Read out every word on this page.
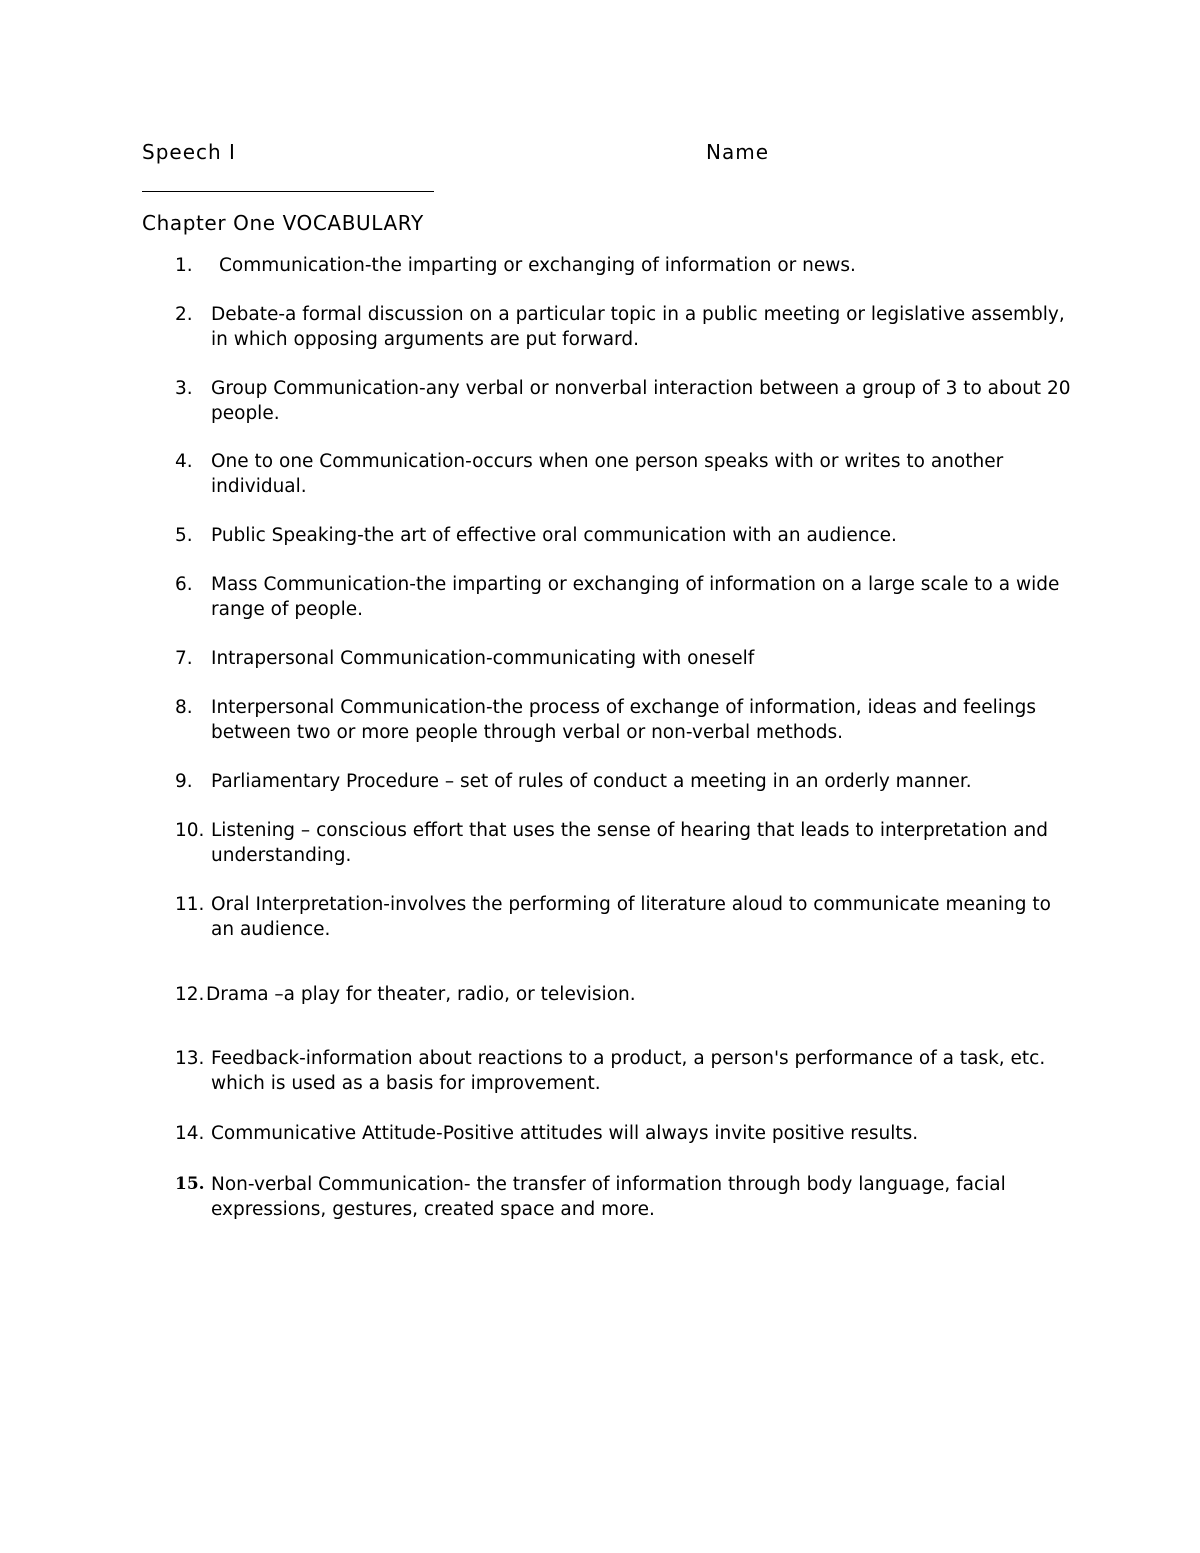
Speech I	Name
Chapter One VOCABULARY
1. Communication-the imparting or exchanging of information or news.
2. Debate-a formal discussion on a particular topic in a public meeting or legislative assembly, in which opposing arguments are put forward.
3. Group Communication-any verbal or nonverbal interaction between a group of 3 to about 20 people.
4. One to one Communication-occurs when one person speaks with or writes to another individual.
5. Public Speaking-the art of effective oral communication with an audience.
6. Mass Communication-the imparting or exchanging of information on a large scale to a wide range of people.
7. Intrapersonal Communication-communicating with oneself
8. Interpersonal Communication-the process of exchange of information, ideas and feelings between two or more people through verbal or non-verbal methods.
9. Parliamentary Procedure – set of rules of conduct a meeting in an orderly manner.
10. Listening – conscious effort that uses the sense of hearing that leads to interpretation and understanding.
11. Oral Interpretation-involves the performing of literature aloud to communicate meaning to an audience.
12. Drama –a play for theater, radio, or television.
13. Feedback-information about reactions to a product, a person's performance of a task, etc. which is used as a basis for improvement.
14. Communicative Attitude-Positive attitudes will always invite positive results.
15. Non-verbal Communication- the transfer of information through body language, facial expressions, gestures, created space and more.
